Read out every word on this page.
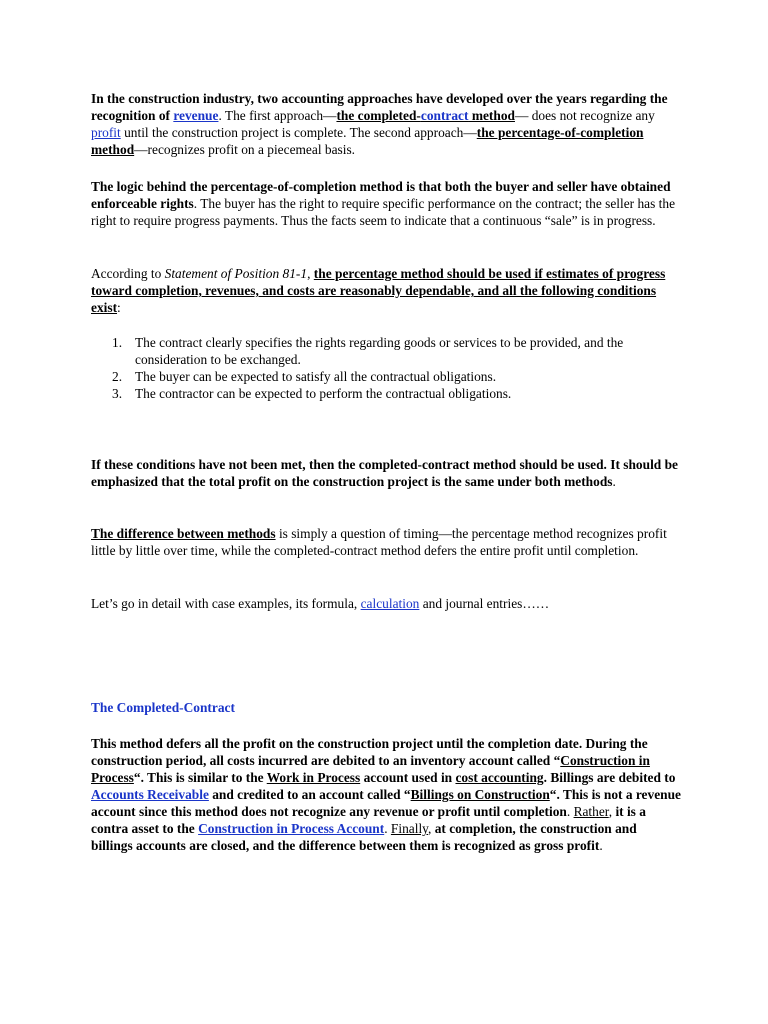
In the construction industry, two accounting approaches have developed over the years regarding the recognition of revenue. The first approach—the completed-contract method— does not recognize any profit until the construction project is complete. The second approach—the percentage-of-completion method—recognizes profit on a piecemeal basis.

The logic behind the percentage-of-completion method is that both the buyer and seller have obtained enforceable rights. The buyer has the right to require specific performance on the contract; the seller has the right to require progress payments. Thus the facts seem to indicate that a continuous “sale” is in progress.

According to Statement of Position 81-1, the percentage method should be used if estimates of progress toward completion, revenues, and costs are reasonably dependable, and all the following conditions exist:

1. The contract clearly specifies the rights regarding goods or services to be provided, and the consideration to be exchanged.
2. The buyer can be expected to satisfy all the contractual obligations.
3. The contractor can be expected to perform the contractual obligations.

If these conditions have not been met, then the completed-contract method should be used. It should be emphasized that the total profit on the construction project is the same under both methods.

The difference between methods is simply a question of timing—the percentage method recognizes profit little by little over time, while the completed-contract method defers the entire profit until completion.

Let’s go in detail with case examples, its formula, calculation and journal entries……

The Completed-Contract

This method defers all the profit on the construction project until the completion date. During the construction period, all costs incurred are debited to an inventory account called “Construction in Process“. This is similar to the Work in Process account used in cost accounting. Billings are debited to Accounts Receivable and credited to an account called “Billings on Construction“. This is not a revenue account since this method does not recognize any revenue or profit until completion. Rather, it is a contra asset to the Construction in Process Account. Finally, at completion, the construction and billings accounts are closed, and the difference between them is recognized as gross profit.
